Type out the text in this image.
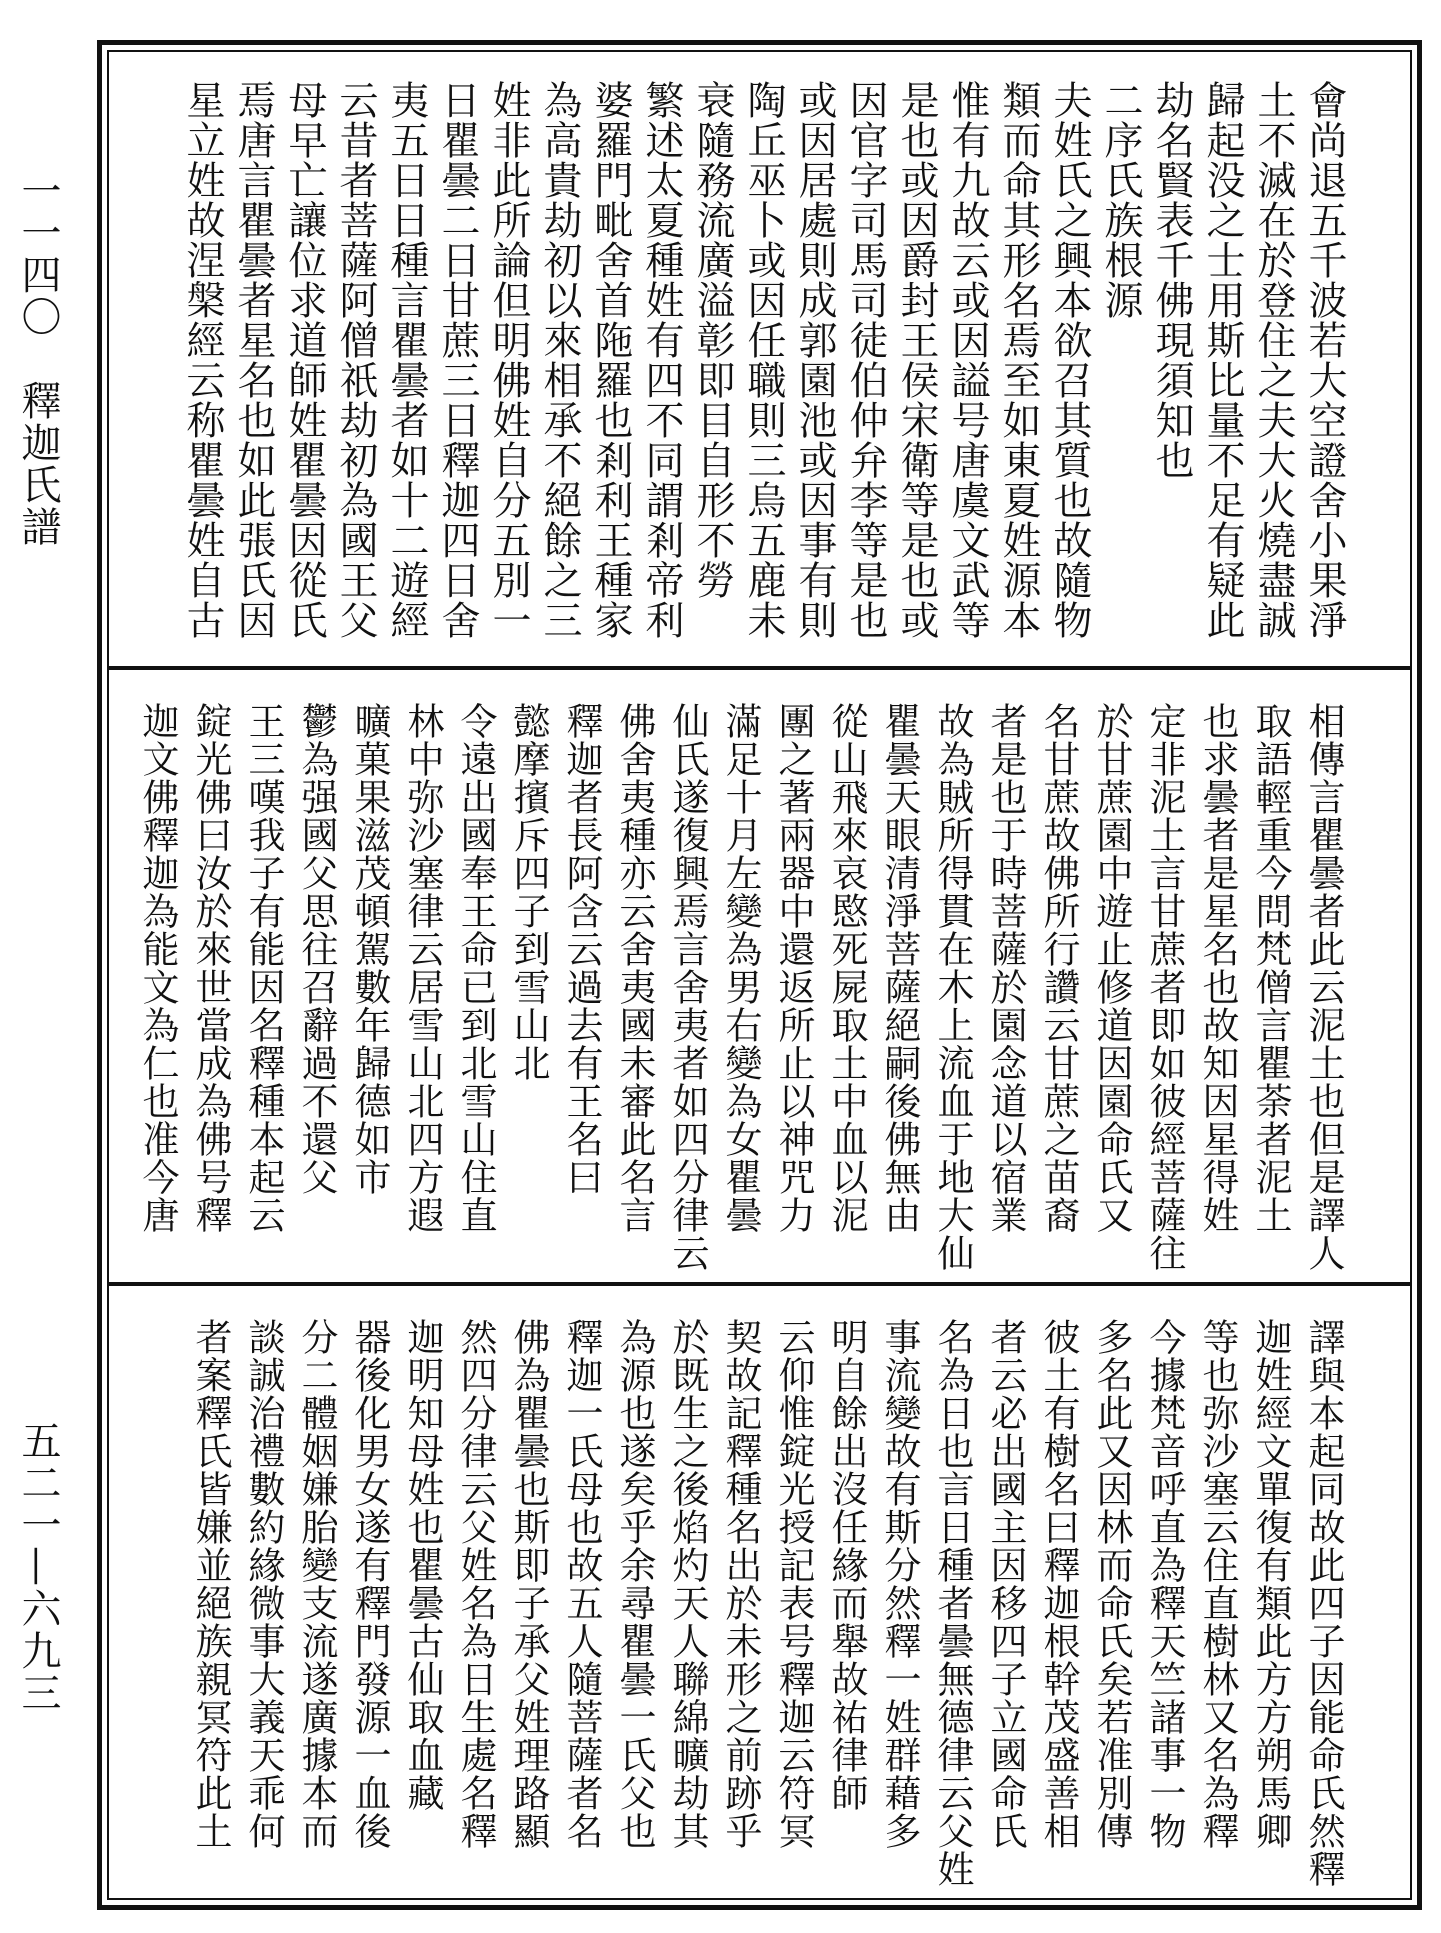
一一四〇　釋迦氏譜
五二一—六九三
會尚退五千波若大空證舍小果淨
土不滅在於登住之夫大火燒盡誠
歸起没之士用斯比量不足有疑此
劫名賢表千佛現須知也
二序氏族根源
夫姓氏之興本欲召其質也故隨物
類而命其形名焉至如東夏姓源本
惟有九故云或因謚号唐虞文武等
是也或因爵封王侯宋衛等是也或
因官字司馬司徒伯仲弁李等是也
或因居處則成郭園池或因事有則
陶丘巫卜或因任職則三烏五鹿未
衰隨務流廣溢彰即目自形不勞
繁述太夏種姓有四不同謂剎帝利
婆羅門毗舍首陁羅也剎利王種家
為高貴劫初以來相承不絕餘之三
姓非此所論但明佛姓自分五別一
日瞿曇二日甘蔗三日釋迦四日舍
夷五日日種言瞿曇者如十二遊經
云昔者菩薩阿僧祇劫初為國王父
母早亡讓位求道師姓瞿曇因從氏
焉唐言瞿曇者星名也如此張氏因
星立姓故涅槃經云称瞿曇姓自古
相傳言瞿曇者此云泥土也但是譯人
取語輕重今問梵僧言瞿荼者泥土
也求曇者是星名也故知因星得姓
定非泥土言甘蔗者即如彼經菩薩往
於甘蔗園中遊止修道因園命氏又
名甘蔗故佛所行讚云甘蔗之苗裔
者是也于時菩薩於園念道以宿業
故為賊所得貫在木上流血于地大仙
瞿曇天眼清淨菩薩絕嗣後佛無由
從山飛來哀愍死屍取土中血以泥
團之著兩器中還返所止以神咒力
滿足十月左變為男右變為女瞿曇
仙氏遂復興焉言舍夷者如四分律云
佛舍夷種亦云舍夷國未審此名言
釋迦者長阿含云過去有王名曰
懿摩擯斥四子到雪山北
令遠出國奉王命已到北雪山住直
林中弥沙塞律云居雪山北四方遐
曠菓果滋茂頓駕數年歸德如市
鬱為强國父思往召辭過不還父
王三嘆我子有能因名釋種本起云
錠光佛曰汝於來世當成為佛号釋
迦文佛釋迦為能文為仁也准今唐
譯與本起同故此四子因能命氏然釋
迦姓經文單復有類此方方朔馬卿
等也弥沙塞云住直樹林又名為釋
今據梵音呼直為釋天竺諸事一物
多名此又因林而命氏矣若准別傳
彼土有樹名曰釋迦根幹茂盛善相
者云必出國主因移四子立國命氏
名為日也言日種者曇無德律云父姓
事流變故有斯分然釋一姓群藉多
明自餘出沒任緣而舉故祐律師
云仰惟錠光授記表号釋迦云符冥
契故記釋種名出於未形之前跡乎
於既生之後焰灼天人聯綿曠劫其
為源也遂矣乎余尋瞿曇一氏父也
釋迦一氏母也故五人隨菩薩者名
佛為瞿曇也斯即子承父姓理路顯
然四分律云父姓名為日生處名釋
迦明知母姓也瞿曇古仙取血藏
器後化男女遂有釋門發源一血後
分二體姻嫌胎變支流遂廣據本而
談誠治禮數約緣微事大義天乖何
者案釋氏皆嫌並絕族親冥符此土
